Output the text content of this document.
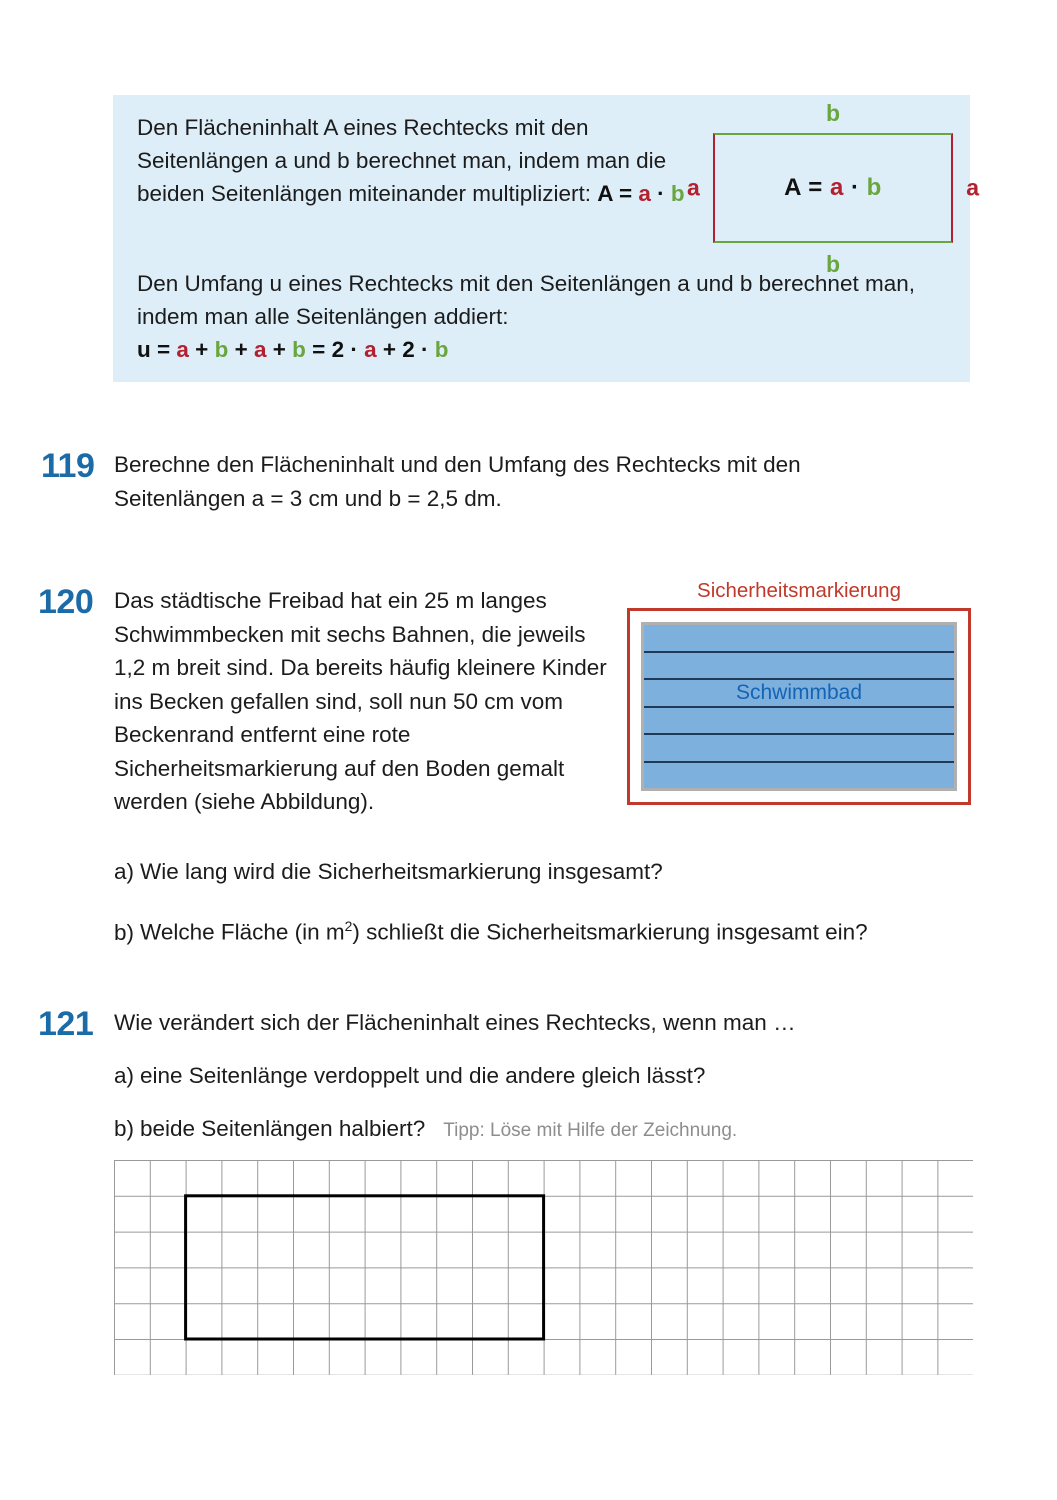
Den Flächeninhalt A eines Rechtecks mit den Seitenlängen a und b berechnet man, indem man die beiden Seitenlängen miteinander multipliziert: A = a · b

Den Umfang u eines Rechtecks mit den Seitenlängen a und b berechnet man, indem man alle Seitenlängen addiert:

u = a + b + a + b = 2 · a + 2 · b

b
b
a	a
A = a · b
119 Berechne den Flächeninhalt und den Umfang des Rechtecks mit den Seitenlängen a = 3 cm und b = 2,5 dm.
120 Das städtische Freibad hat ein 25 m langes Schwimmbecken mit sechs Bahnen, die jeweils 1,2 m breit sind. Da bereits häufig kleinere Kinder ins Becken gefallen sind, soll nun 50 cm vom Beckenrand entfernt eine rote Sicherheitsmarkierung auf den Boden gemalt werden (siehe Abbildung).
a) Wie lang wird die Sicherheitsmarkierung insgesamt?
b) Welche Fläche (in $m^2$) schließt die Sicherheitsmarkierung insgesamt ein?
Sicherheitsmarkierung
Schwimmbad
121 Wie verändert sich der Flächeninhalt eines Rechtecks, wenn man …
a) eine Seitenlänge verdoppelt und die andere gleich lässt?
b) beide Seitenlängen halbiert? Tipp: Löse mit Hilfe der Zeichnung.
